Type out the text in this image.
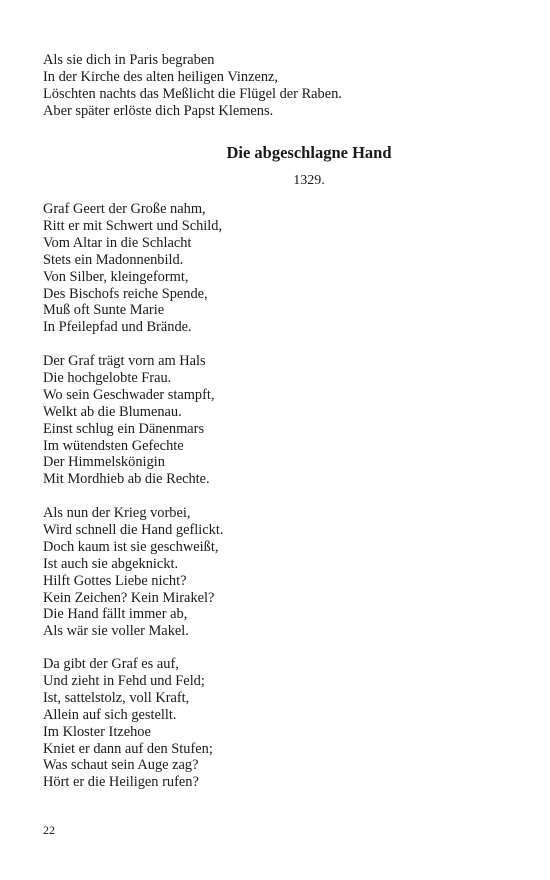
Als sie dich in Paris begraben
In der Kirche des alten heiligen Vinzenz,
Löschten nachts das Meßlicht die Flügel der Raben.
Aber später erlöste dich Papst Klemens.
Die abgeschlagne Hand
1329.
Graf Geert der Große nahm,
Ritt er mit Schwert und Schild,
Vom Altar in die Schlacht
Stets ein Madonnenbild.
Von Silber, kleingeformt,
Des Bischofs reiche Spende,
Muß oft Sunte Marie
In Pfeilepfad und Brände.
Der Graf trägt vorn am Hals
Die hochgelobte Frau.
Wo sein Geschwader stampft,
Welkt ab die Blumenau.
Einst schlug ein Dänenmars
Im wütendsten Gefechte
Der Himmelskönigin
Mit Mordhieb ab die Rechte.
Als nun der Krieg vorbei,
Wird schnell die Hand geflickt.
Doch kaum ist sie geschweißt,
Ist auch sie abgeknickt.
Hilft Gottes Liebe nicht?
Kein Zeichen? Kein Mirakel?
Die Hand fällt immer ab,
Als wär sie voller Makel.
Da gibt der Graf es auf,
Und zieht in Fehd und Feld;
Ist, sattelstolz, voll Kraft,
Allein auf sich gestellt.
Im Kloster Itzehoe
Kniet er dann auf den Stufen;
Was schaut sein Auge zag?
Hört er die Heiligen rufen?
22
